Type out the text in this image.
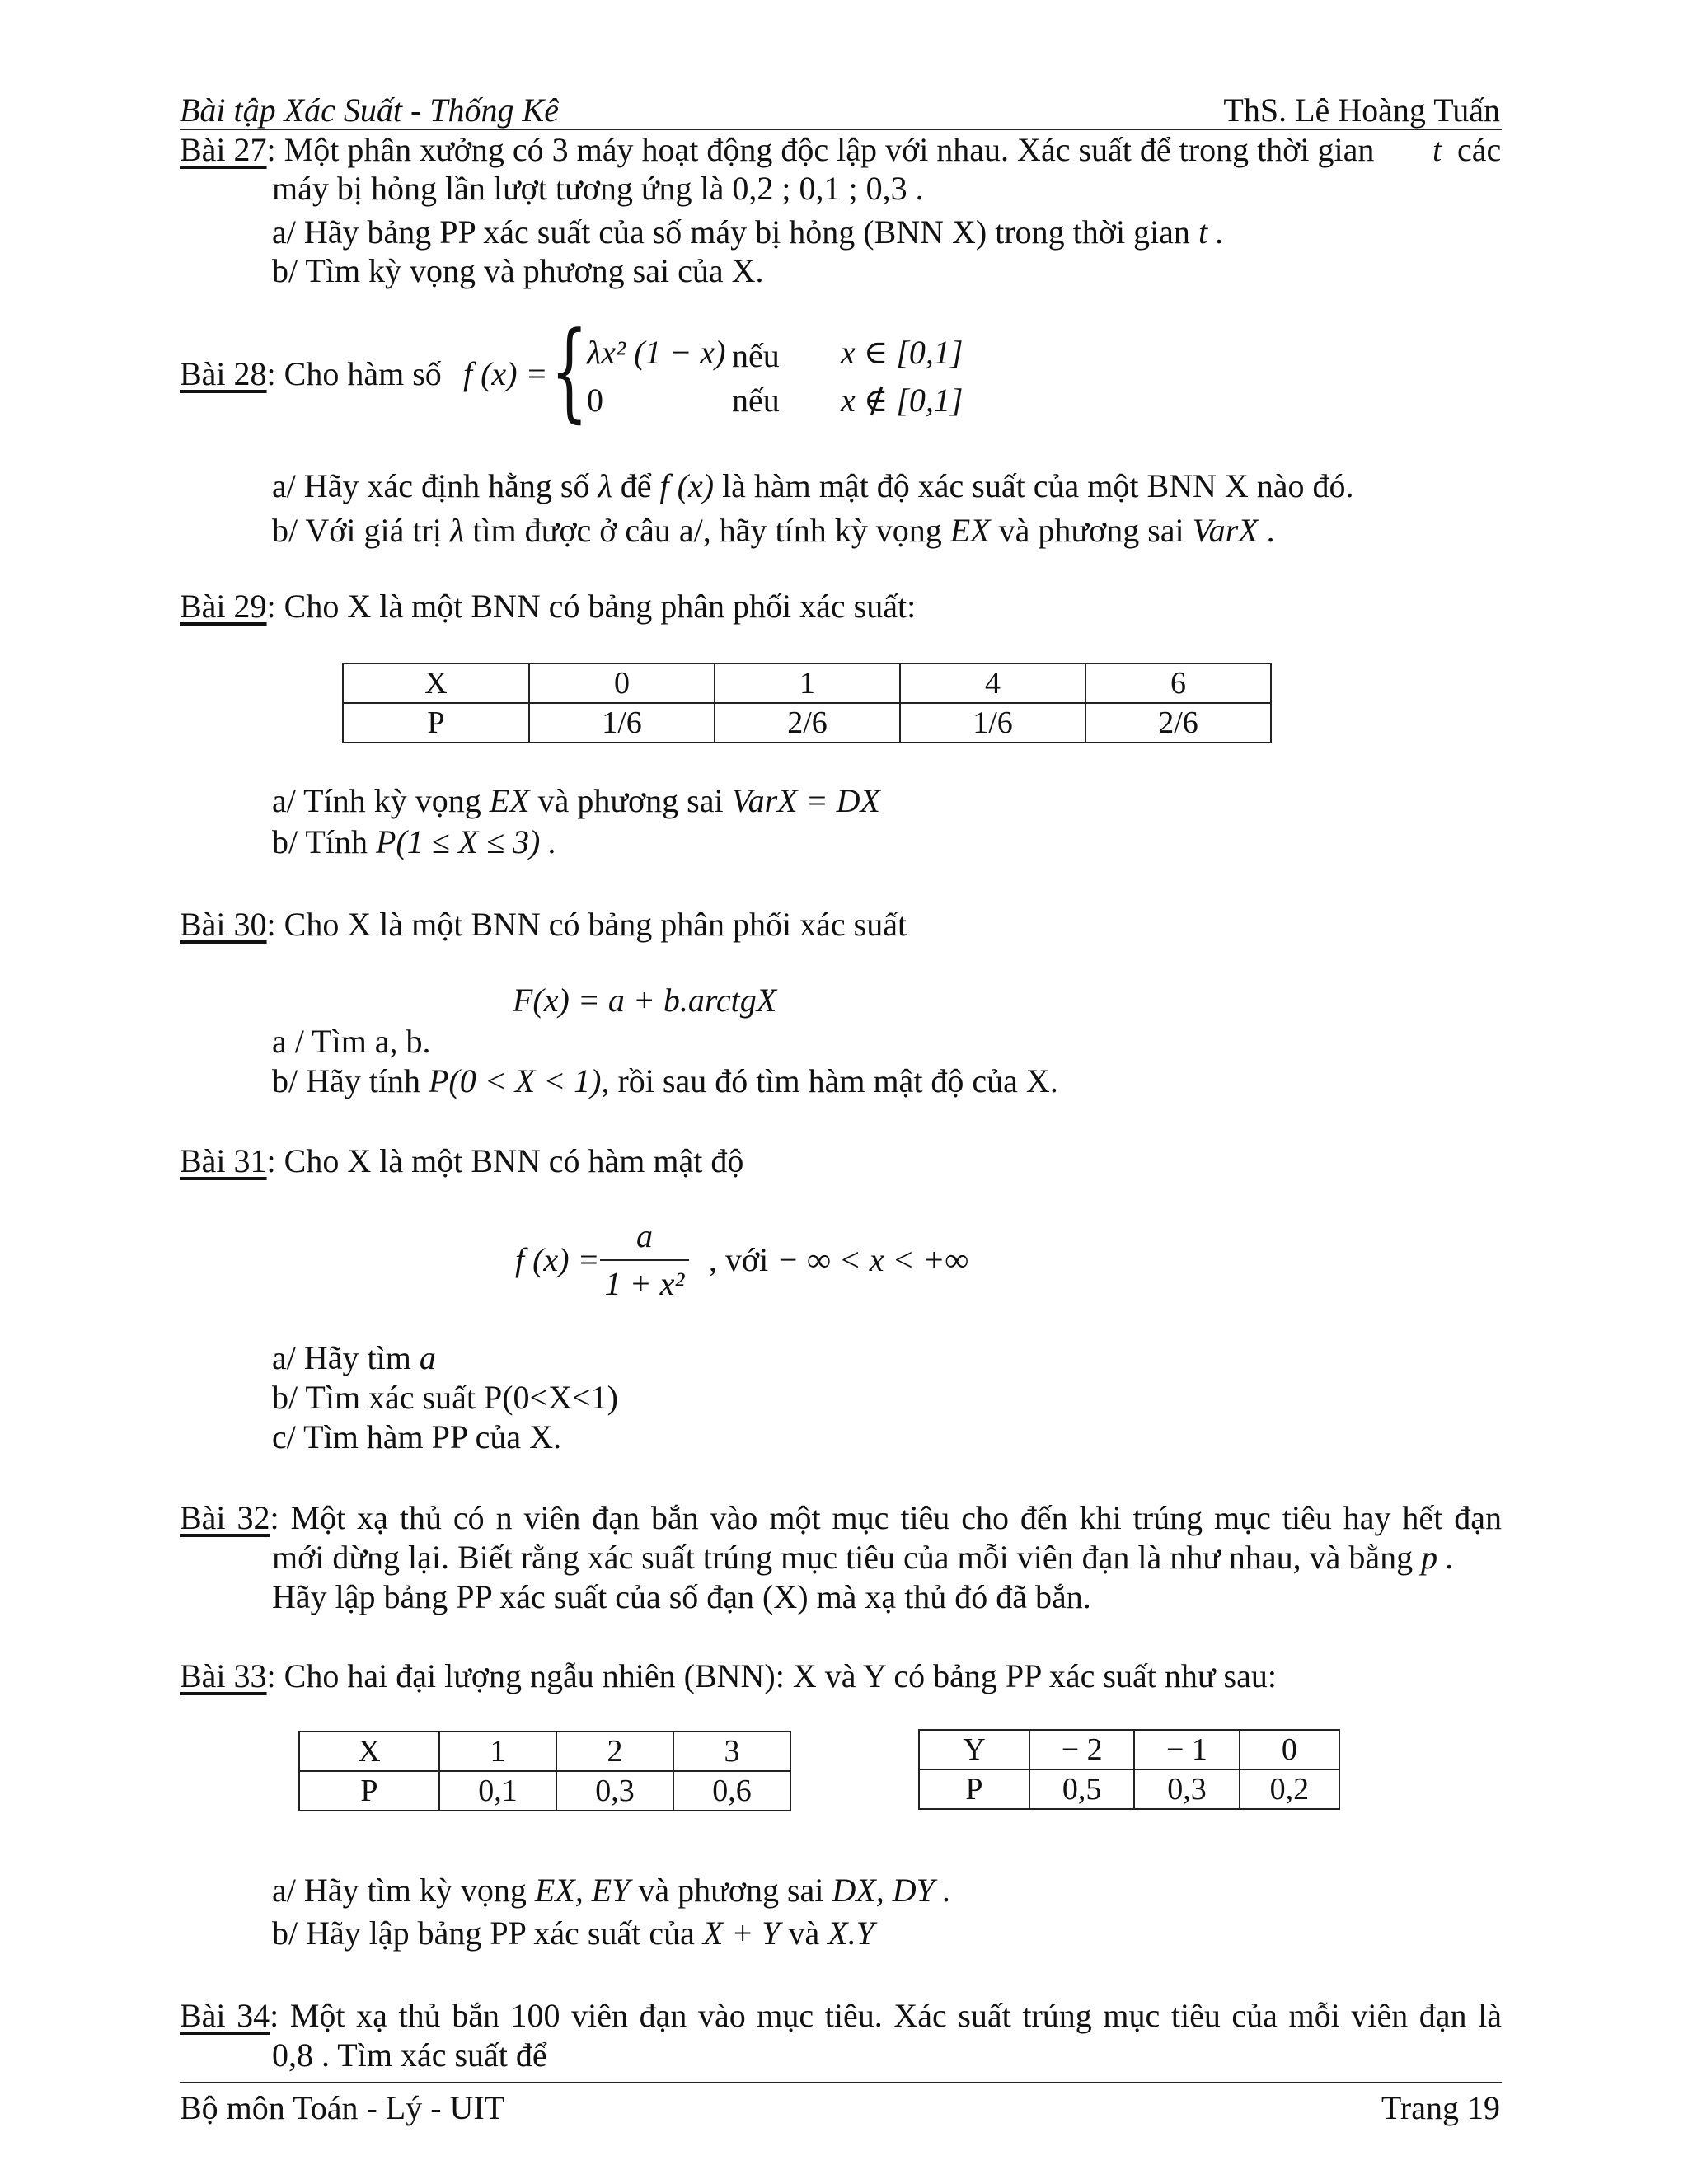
Bài tập Xác Suất - Thống Kê	ThS. Lê Hoàng Tuấn
Bài 27: Một phân xưởng có 3 máy hoạt động độc lập với nhau. Xác suất để trong thời gian t các
máy bị hỏng lần lượt tương ứng là 0,2 ; 0,1 ; 0,3 .
a/ Hãy bảng PP xác suất của số máy bị hỏng (BNN X) trong thời gian t .
b/ Tìm kỳ vọng và phương sai của X.
Bài 28: Cho hàm số f (x) = {
λx² (1 − x) nếu x ∈ [0,1]
0	nếu x ∉ [0,1]
a/ Hãy xác định hằng số λ để f (x) là hàm mật độ xác suất của một BNN X nào đó.
b/ Với giá trị λ tìm được ở câu a/, hãy tính kỳ vọng EX và phương sai VarX .
Bài 29: Cho X là một BNN có bảng phân phối xác suất:
X	0	1	4	6
P	1/6	2/6	1/6	2/6
a/ Tính kỳ vọng EX và phương sai VarX = DX
b/ Tính P(1 ≤ X ≤ 3) .
Bài 30: Cho X là một BNN có bảng phân phối xác suất
F(x) = a + b.arctgX
a / Tìm a, b.
b/ Hãy tính P(0 < X < 1), rồi sau đó tìm hàm mật độ của X.
Bài 31: Cho X là một BNN có hàm mật độ
f (x) =
a
1 + x²
, với − ∞ < x < +∞
a/ Hãy tìm a
b/ Tìm xác suất P(0<X<1)
c/ Tìm hàm PP của X.
Bài 32: Một xạ thủ có n viên đạn bắn vào một mục tiêu cho đến khi trúng mục tiêu hay hết đạn
mới dừng lại. Biết rằng xác suất trúng mục tiêu của mỗi viên đạn là như nhau, và bằng p .
Hãy lập bảng PP xác suất của số đạn (X) mà xạ thủ đó đã bắn.
Bài 33: Cho hai đại lượng ngẫu nhiên (BNN): X và Y có bảng PP xác suất như sau:
X	1	2	3
P	0,1	0,3	0,6
Y	− 2	− 1	0
P	0,5	0,3	0,2
a/ Hãy tìm kỳ vọng EX, EY và phương sai DX, DY .
b/ Hãy lập bảng PP xác suất của X + Y và X.Y
Bài 34: Một xạ thủ bắn 100 viên đạn vào mục tiêu. Xác suất trúng mục tiêu của mỗi viên đạn là
0,8 . Tìm xác suất để
Bộ môn Toán - Lý - UIT	Trang 19
